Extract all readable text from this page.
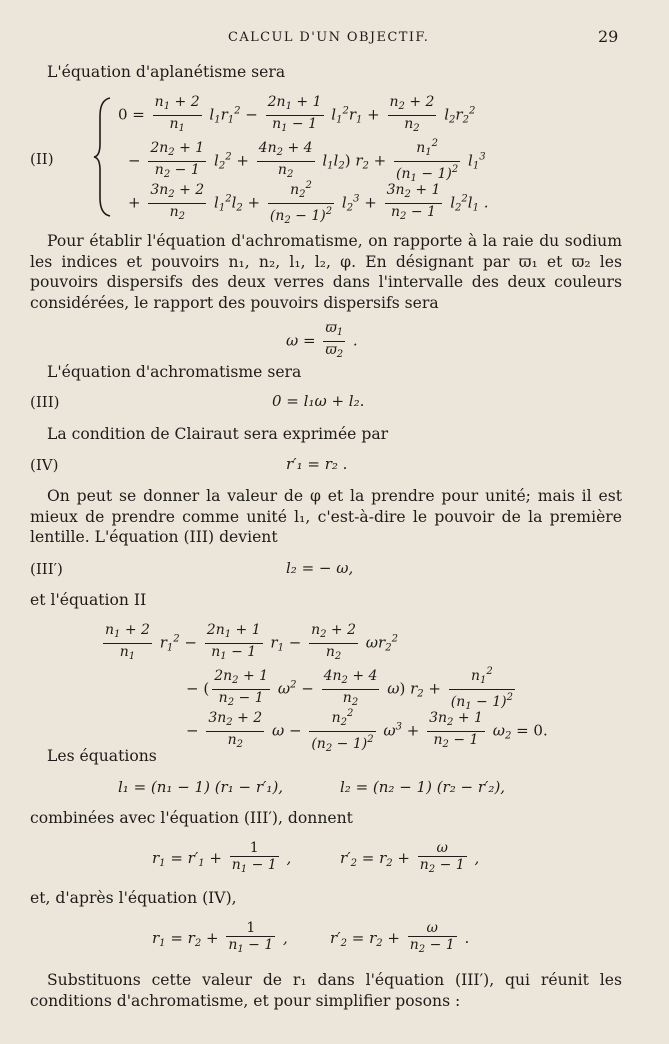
CALCUL D'UN OBJECTIF.	29
L'équation d'aplanétisme sera
(II)
$0 = \frac{n_1 + 2}{n_1} l_1r_1^2 - \frac{2n_1 + 1}{n_1 - 1} l_1^2r_1 + \frac{n_2 + 2}{n_2} l_2r_2^2$
− $\frac{2n_2 + 1}{n_2 - 1} l_2^2 + \frac{4n_2 + 4}{n_2} l_1l_2$) $r_2 + \frac{n_1^2}{(n_1 - 1)^2} l_1^3$
+ $\frac{3n_2 + 2}{n_2} l_1^2l_2 + \frac{n_2^2}{(n_2 - 1)^2} l_2^3 + \frac{3n_2 + 1}{n_2 - 1} l_2^2l_1$ .
Pour établir l'équation d'achromatisme, on rapporte à la raie du sodium les indices et pouvoirs n₁, n₂, l₁, l₂, φ. En désignant par ϖ₁ et ϖ₂ les pouvoirs dispersifs des deux verres dans l'intervalle des deux couleurs considérées, le rapport des pouvoirs dispersifs sera
$\omega = \frac{ϖ_1}{ϖ_2}$ .
L'équation d'achromatisme sera
(III)	0 = l₁ω + l₂.
La condition de Clairaut sera exprimée par
(IV)	r′₁ = r₂ .
On peut se donner la valeur de φ et la prendre pour unité; mais il est mieux de prendre comme unité l₁, c'est-à-dire le pouvoir de la première lentille. L'équation (III) devient
(III′)	l₂ = − ω,
et l'équation II
$\frac{n_1 + 2}{n_1} r_1^2 - \frac{2n_1 + 1}{n_1 - 1} r_1 - \frac{n_2 + 2}{n_2} \omega r_2^2$
− ( $\frac{2n_2 + 1}{n_2 - 1} \omega^2 - \frac{4n_2 + 4}{n_2} \omega$) $r_2 + \frac{n_1^2}{(n_1 - 1)^2}$
− $\frac{3n_2 + 2}{n_2}$ $\omega - \frac{n_2^2}{(n_2 - 1)^2} \omega^3 + \frac{3n_2 + 1}{n_2 - 1} \omega_2 = 0$.
Les équations
l₁ = (n₁ − 1) (r₁ − r′₁),	l₂ = (n₂ − 1) (r₂ − r′₂),
combinées avec l'équation (III′), donnent
$r_1 = r'_1 + \frac{1}{n_1 - 1}$ ,	$r'_2 = r_2 + \frac{\omega}{n_2 - 1}$ ,
et, d'après l'équation (IV),
$r_1 = r_2 + \frac{1}{n_1 - 1}$ ,	$r'_2 = r_2 + \frac{\omega}{n_2 - 1}$ .
Substituons cette valeur de r₁ dans l'équation (III′), qui réunit les conditions d'achromatisme, et pour simplifier posons :
